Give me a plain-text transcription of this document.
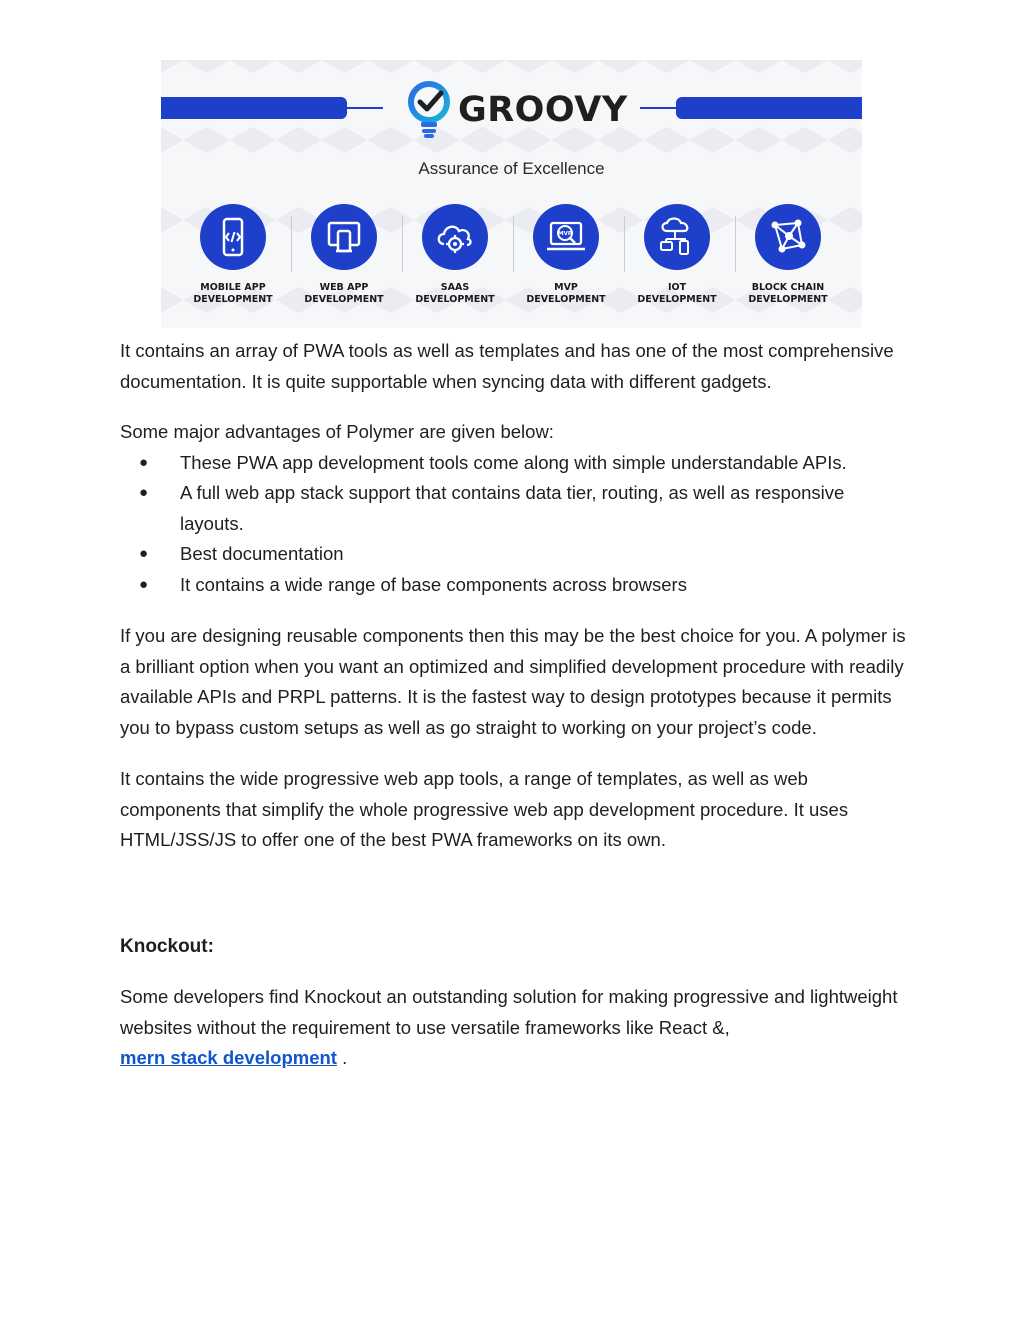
GROOVY
Assurance of Excellence
MOBILE APP
DEVELOPMENT
WEB APP
DEVELOPMENT
SAAS
DEVELOPMENT
MVP
MVP
DEVELOPMENT
IOT
DEVELOPMENT
BLOCK CHAIN
DEVELOPMENT

It contains an array of PWA tools as well as templates and has one of the most comprehensive documentation. It is quite supportable when syncing data with different gadgets.

Some major advantages of Polymer are given below:

● These PWA app development tools come along with simple understandable APIs.
● A full web app stack support that contains data tier, routing, as well as responsive layouts.
● Best documentation
● It contains a wide range of base components across browsers

If you are designing reusable components then this may be the best choice for you. A polymer is a brilliant option when you want an optimized and simplified development procedure with readily available APIs and PRPL patterns. It is the fastest way to design prototypes because it permits you to bypass custom setups as well as go straight to working on your project’s code.

It contains the wide progressive web app tools, a range of templates, as well as web components that simplify the whole progressive web app development procedure. It uses HTML/JSS/JS to offer one of the best PWA frameworks on its own.

Knockout:

Some developers find Knockout an outstanding solution for making progressive and lightweight websites without the requirement to use versatile frameworks like React &,
mern stack development .
